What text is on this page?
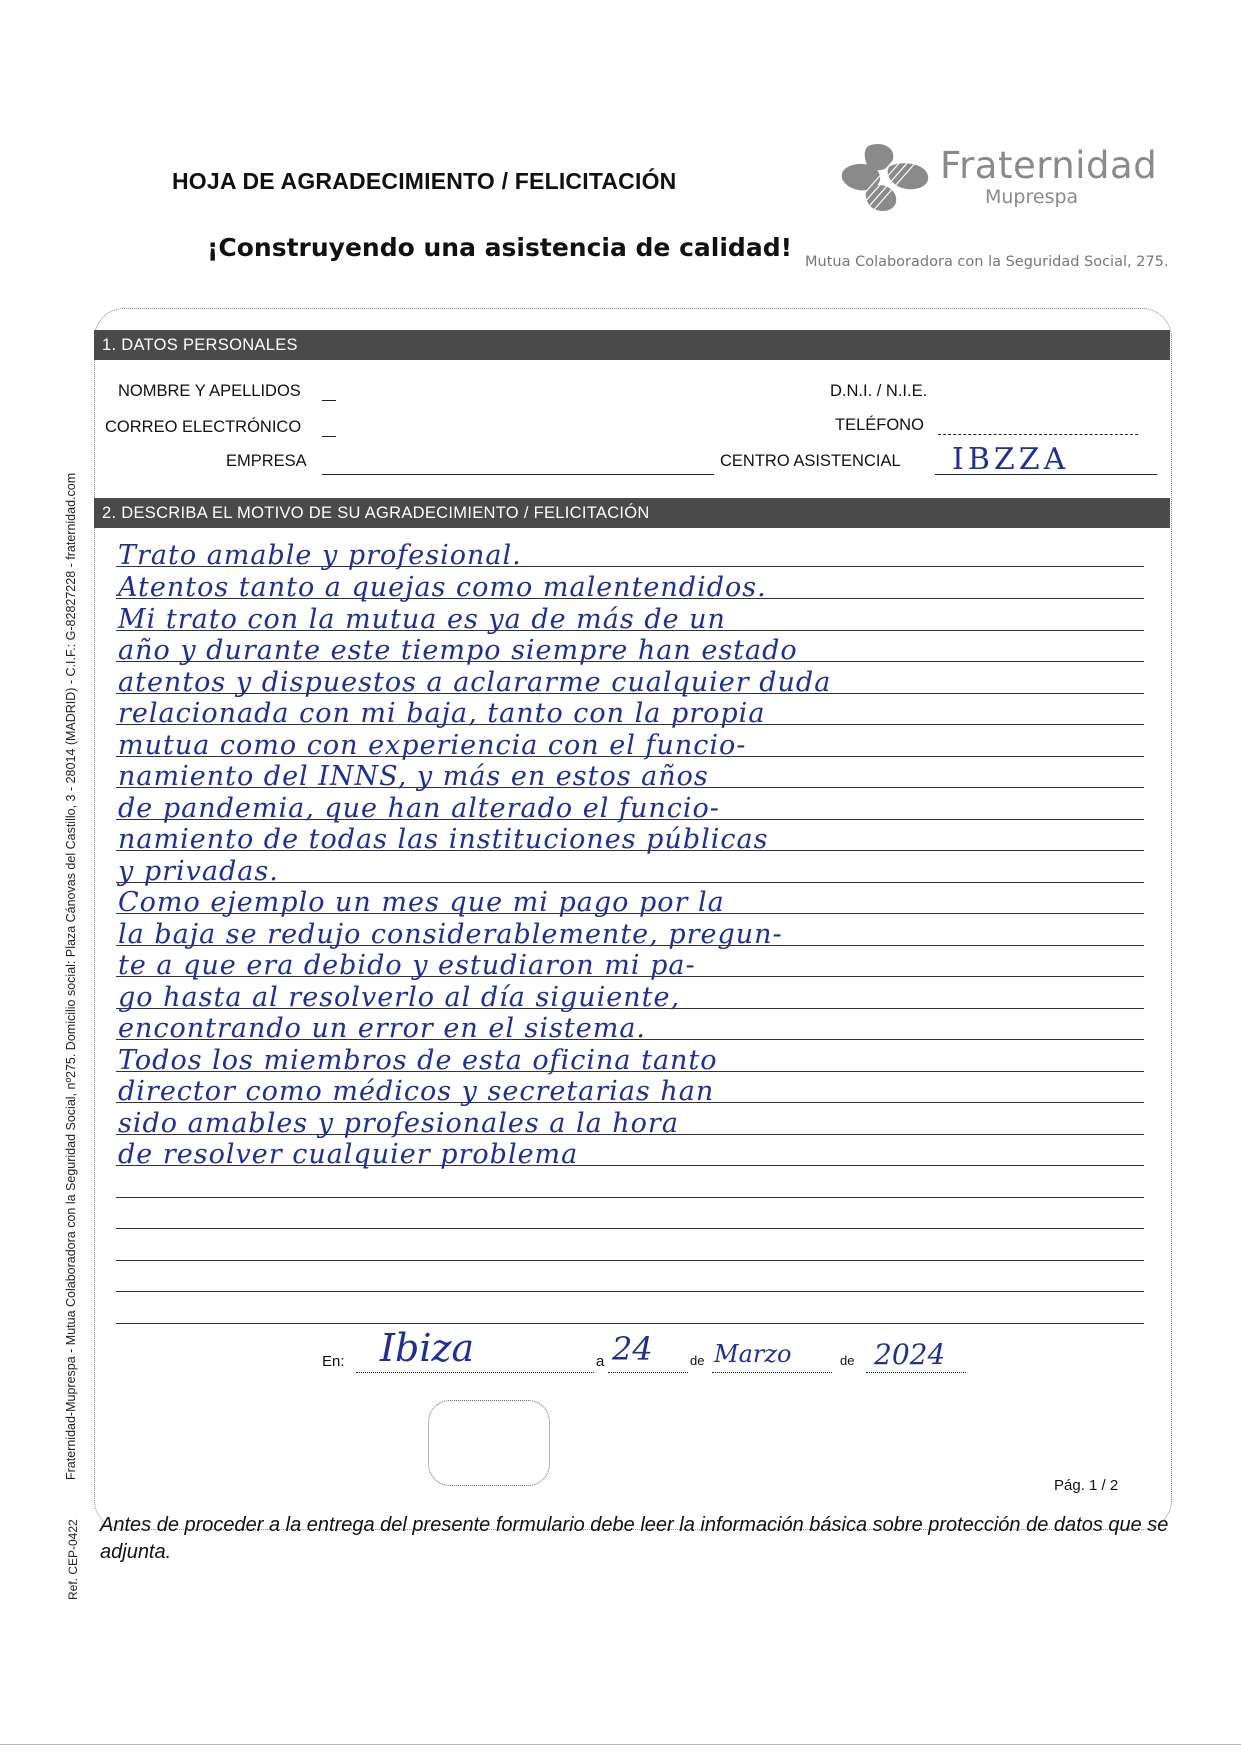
HOJA DE AGRADECIMIENTO / FELICITACIÓN
¡Construyendo una asistencia de calidad!
Fraternidad
Muprespa
Mutua Colaboradora con la Seguridad Social, 275.
Fraternidad-Muprespa - Mutua Colaboradora con la Seguridad Social, nº275. Domicilio social: Plaza Cánovas del Castillo, 3 - 28014 (MADRID) - C.I.F.: G-82827228 - fraternidad.com
Ref. CEP-0422
1. DATOS PERSONALES
NOMBRE Y APELLIDOS	D.N.I. / N.I.E.
CORREO ELECTRÓNICO	TELÉFONO
EMPRESA	CENTRO ASISTENCIAL IBZZA
2. DESCRIBA EL MOTIVO DE SU AGRADECIMIENTO / FELICITACIÓN
Trato amable y profesional.
Atentos tanto a quejas como malentendidos.
Mi trato con la mutua es ya de más de un
año y durante este tiempo siempre han estado
atentos y dispuestos a aclararme cualquier duda
relacionada con mi baja, tanto con la propia
mutua como con experiencia con el funcio-
namiento del INNS, y más en estos años
de pandemia, que han alterado el funcio-
namiento de todas las instituciones públicas
y privadas.
Como ejemplo un mes que mi pago por la
la baja se redujo considerablemente, pregun-
te a que era debido y estudiaron mi pa-
go hasta al resolverlo al día siguiente,
encontrando un error en el sistema.
Todos los miembros de esta oficina tanto
director como médicos y secretarias han
sido amables y profesionales a la hora
de resolver cualquier problema
En: Ibiza	a 24	de Marzo	de 2024
Pág. 1 / 2
Antes de proceder a la entrega del presente formulario debe leer la información básica sobre protección de datos que se adjunta.
